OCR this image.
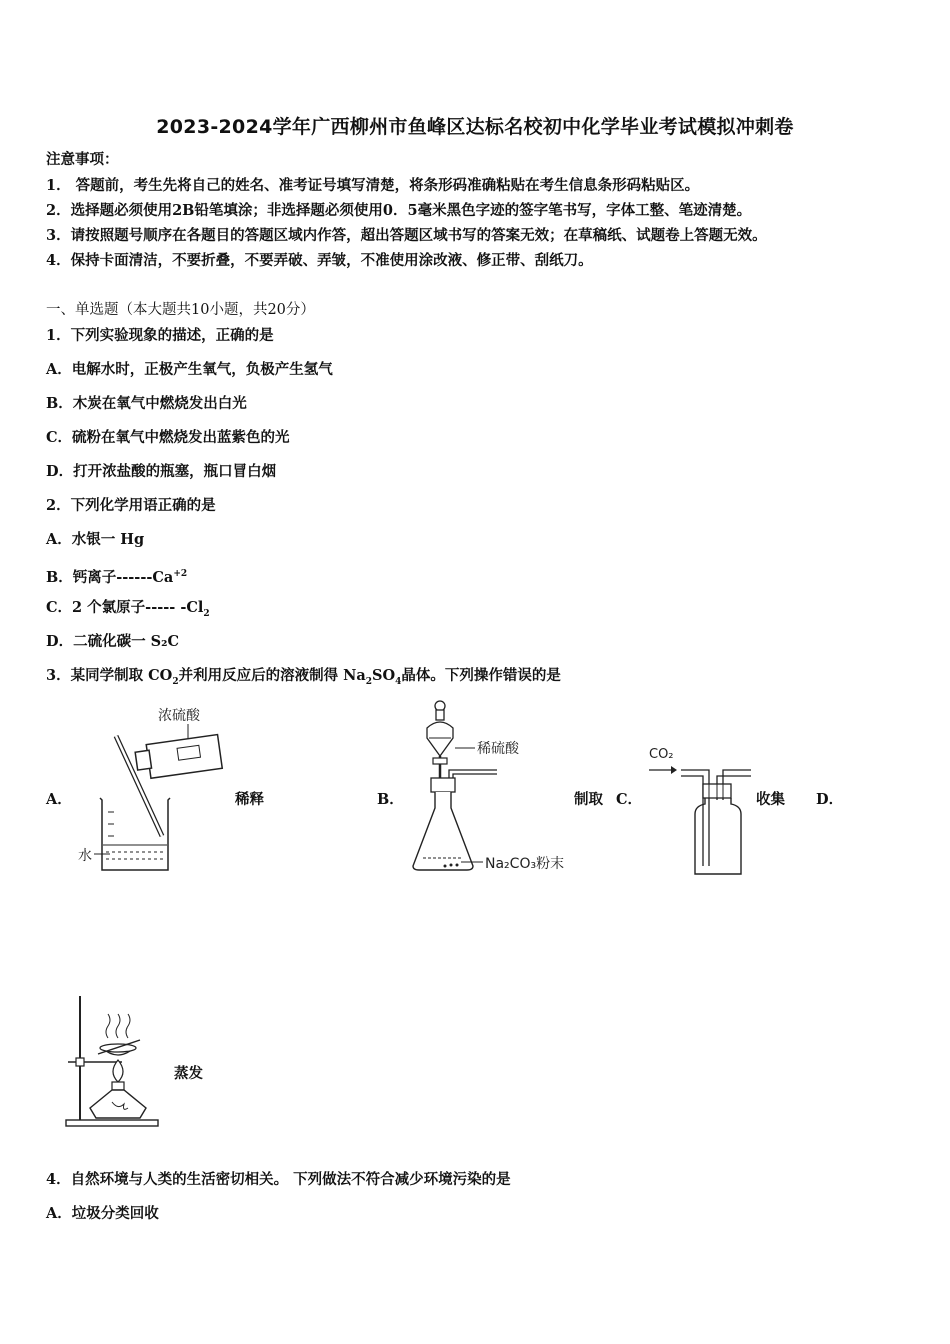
2023-2024学年广西柳州市鱼峰区达标名校初中化学毕业考试模拟冲刺卷
注意事项：
1． 答题前，考生先将自己的姓名、准考证号填写清楚，将条形码准确粘贴在考生信息条形码粘贴区。
2．选择题必须使用2B铅笔填涂；非选择题必须使用0．5毫米黑色字迹的签字笔书写，字体工整、笔迹清楚。
3．请按照题号顺序在各题目的答题区域内作答，超出答题区域书写的答案无效；在草稿纸、试题卷上答题无效。
4．保持卡面清洁，不要折叠，不要弄破、弄皱，不准使用涂改液、修正带、刮纸刀。
一、单选题（本大题共10小题，共20分）
1．下列实验现象的描述，正确的是
A．电解水时，正极产生氧气，负极产生氢气
B．木炭在氧气中燃烧发出白光
C．硫粉在氧气中燃烧发出蓝紫色的光
D．打开浓盐酸的瓶塞，瓶口冒白烟
2．下列化学用语正确的是
A．水银一 Hg
B．钙离子$------Ca^{+2}$
C．2 个氯原子----- $-Cl_2$
D．二硫化碳一 S₂C
3．某同学制取 $CO_2$并利用反应后的溶液制得 $Na_2SO_4$晶体。下列操作错误的是
A．	稀释	B．	制取 C．	收集 D．
蒸发
浓硫酸
水
稀硫酸
Na₂CO₃粉末
CO₂
4．自然环境与人类的生活密切相关。 下列做法不符合减少环境污染的是
A．垃圾分类回收
